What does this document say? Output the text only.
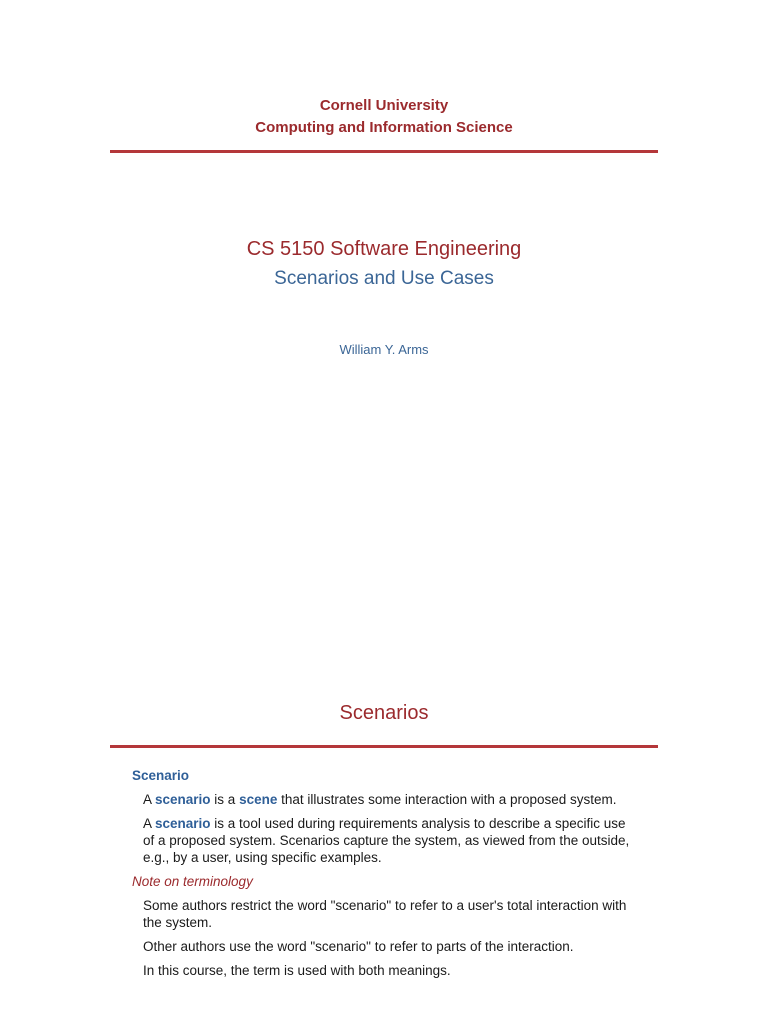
Cornell University
Computing and Information Science
CS 5150 Software Engineering
Scenarios and Use Cases
William Y. Arms
Scenarios
Scenario
A scenario is a scene that illustrates some interaction with a proposed system.
A scenario is a tool used during requirements analysis to describe a specific use of a proposed system. Scenarios capture the system, as viewed from the outside, e.g., by a user, using specific examples.
Note on terminology
Some authors restrict the word "scenario" to refer to a user's total interaction with the system.
Other authors use the word "scenario" to refer to parts of the interaction.
In this course, the term is used with both meanings.
